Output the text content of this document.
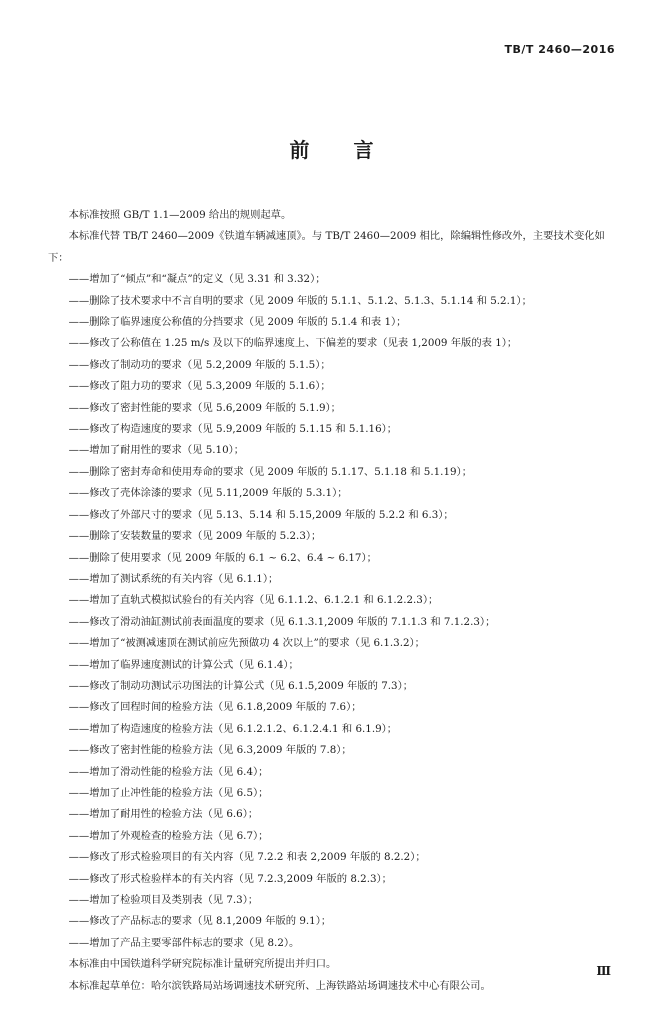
TB/T 2460—2016
前言
本标准按照 GB/T 1.1—2009 给出的规则起草。
本标准代替 TB/T 2460—2009《铁道车辆减速顶》。与 TB/T 2460—2009 相比，除编辑性修改外，主要技术变化如下：
——增加了“倾点”和“凝点”的定义（见 3.31 和 3.32）；
——删除了技术要求中不言自明的要求（见 2009 年版的 5.1.1、5.1.2、5.1.3、5.1.14 和 5.2.1）；
——删除了临界速度公称值的分挡要求（见 2009 年版的 5.1.4 和表 1）；
——修改了公称值在 1.25 m/s 及以下的临界速度上、下偏差的要求（见表 1,2009 年版的表 1）；
——修改了制动功的要求（见 5.2,2009 年版的 5.1.5）；
——修改了阻力功的要求（见 5.3,2009 年版的 5.1.6）；
——修改了密封性能的要求（见 5.6,2009 年版的 5.1.9）；
——修改了构造速度的要求（见 5.9,2009 年版的 5.1.15 和 5.1.16）；
——增加了耐用性的要求（见 5.10）；
——删除了密封寿命和使用寿命的要求（见 2009 年版的 5.1.17、5.1.18 和 5.1.19）；
——修改了壳体涂漆的要求（见 5.11,2009 年版的 5.3.1）；
——修改了外部尺寸的要求（见 5.13、5.14 和 5.15,2009 年版的 5.2.2 和 6.3）；
——删除了安装数量的要求（见 2009 年版的 5.2.3）；
——删除了使用要求（见 2009 年版的 6.1 ~ 6.2、6.4 ~ 6.17）；
——增加了测试系统的有关内容（见 6.1.1）；
——增加了直轨式模拟试验台的有关内容（见 6.1.1.2、6.1.2.1 和 6.1.2.2.3）；
——修改了滑动油缸测试前表面温度的要求（见 6.1.3.1,2009 年版的 7.1.1.3 和 7.1.2.3）；
——增加了“被测减速顶在测试前应先预做功 4 次以上”的要求（见 6.1.3.2）；
——增加了临界速度测试的计算公式（见 6.1.4）；
——修改了制动功测试示功图法的计算公式（见 6.1.5,2009 年版的 7.3）；
——修改了回程时间的检验方法（见 6.1.8,2009 年版的 7.6）；
——增加了构造速度的检验方法（见 6.1.2.1.2、6.1.2.4.1 和 6.1.9）；
——修改了密封性能的检验方法（见 6.3,2009 年版的 7.8）；
——增加了滑动性能的检验方法（见 6.4）；
——增加了止冲性能的检验方法（见 6.5）；
——增加了耐用性的检验方法（见 6.6）；
——增加了外观检查的检验方法（见 6.7）；
——修改了形式检验项目的有关内容（见 7.2.2 和表 2,2009 年版的 8.2.2）；
——修改了形式检验样本的有关内容（见 7.2.3,2009 年版的 8.2.3）；
——增加了检验项目及类别表（见 7.3）；
——修改了产品标志的要求（见 8.1,2009 年版的 9.1）；
——增加了产品主要零部件标志的要求（见 8.2）。
本标准由中国铁道科学研究院标准计量研究所提出并归口。
本标准起草单位：哈尔滨铁路局站场调速技术研究所、上海铁路站场调速技术中心有限公司。
Ⅲ
